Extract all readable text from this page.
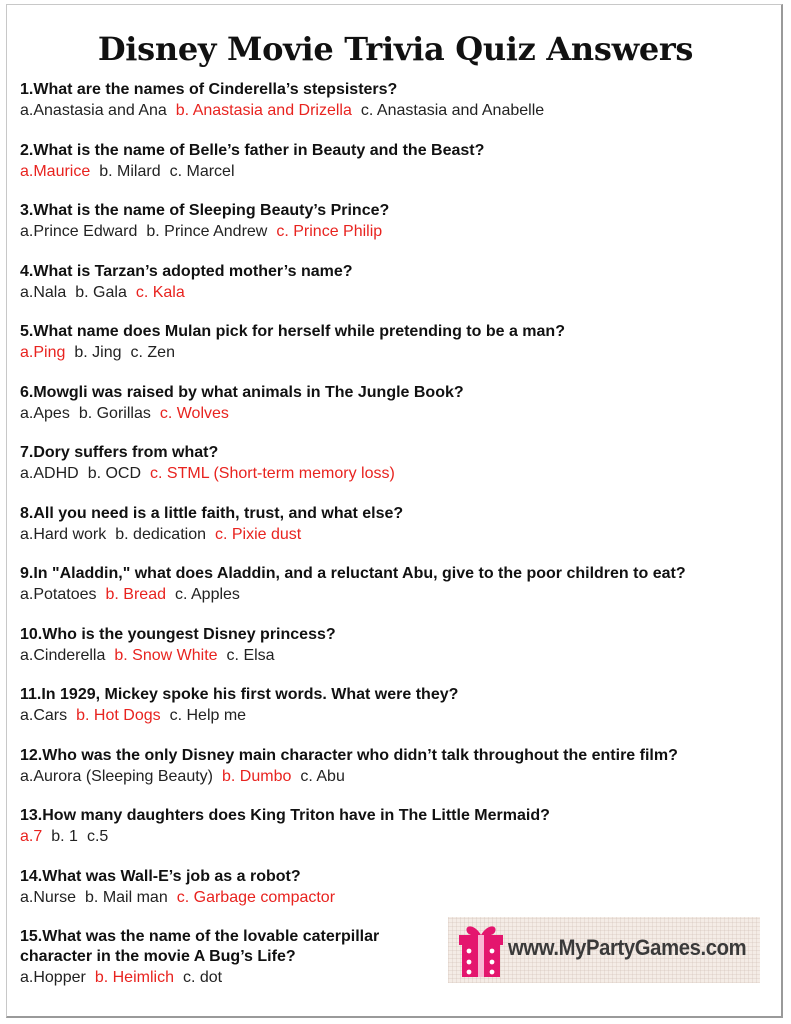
Disney Movie Trivia Quiz Answers
1.What are the names of Cinderella’s stepsisters?
a.Anastasia and Ana b. Anastasia and Drizella c. Anastasia and Anabelle
2.What is the name of Belle’s father in Beauty and the Beast?
a.Maurice b. Milard c. Marcel
3.What is the name of Sleeping Beauty’s Prince?
a.Prince Edward b. Prince Andrew c. Prince Philip
4.What is Tarzan’s adopted mother’s name?
a.Nala b. Gala c. Kala
5.What name does Mulan pick for herself while pretending to be a man?
a.Ping b. Jing c. Zen
6.Mowgli was raised by what animals in The Jungle Book?
a.Apes b. Gorillas c. Wolves
7.Dory suffers from what?
a.ADHD b. OCD c. STML (Short-term memory loss)
8.All you need is a little faith, trust, and what else?
a.Hard work b. dedication c. Pixie dust
9.In "Aladdin," what does Aladdin, and a reluctant Abu, give to the poor children to eat?
a.Potatoes b. Bread c. Apples
10.Who is the youngest Disney princess?
a.Cinderella b. Snow White c. Elsa
11.In 1929, Mickey spoke his first words. What were they?
a.Cars b. Hot Dogs c. Help me
12.Who was the only Disney main character who didn’t talk throughout the entire film?
a.Aurora (Sleeping Beauty) b. Dumbo c. Abu
13.How many daughters does King Triton have in The Little Mermaid?
a.7 b. 1 c.5
14.What was Wall-E’s job as a robot?
a.Nurse b. Mail man c. Garbage compactor
15.What was the name of the lovable caterpillar character in the movie A Bug’s Life?
a.Hopper b. Heimlich c. dot
www.MyPartyGames.com
